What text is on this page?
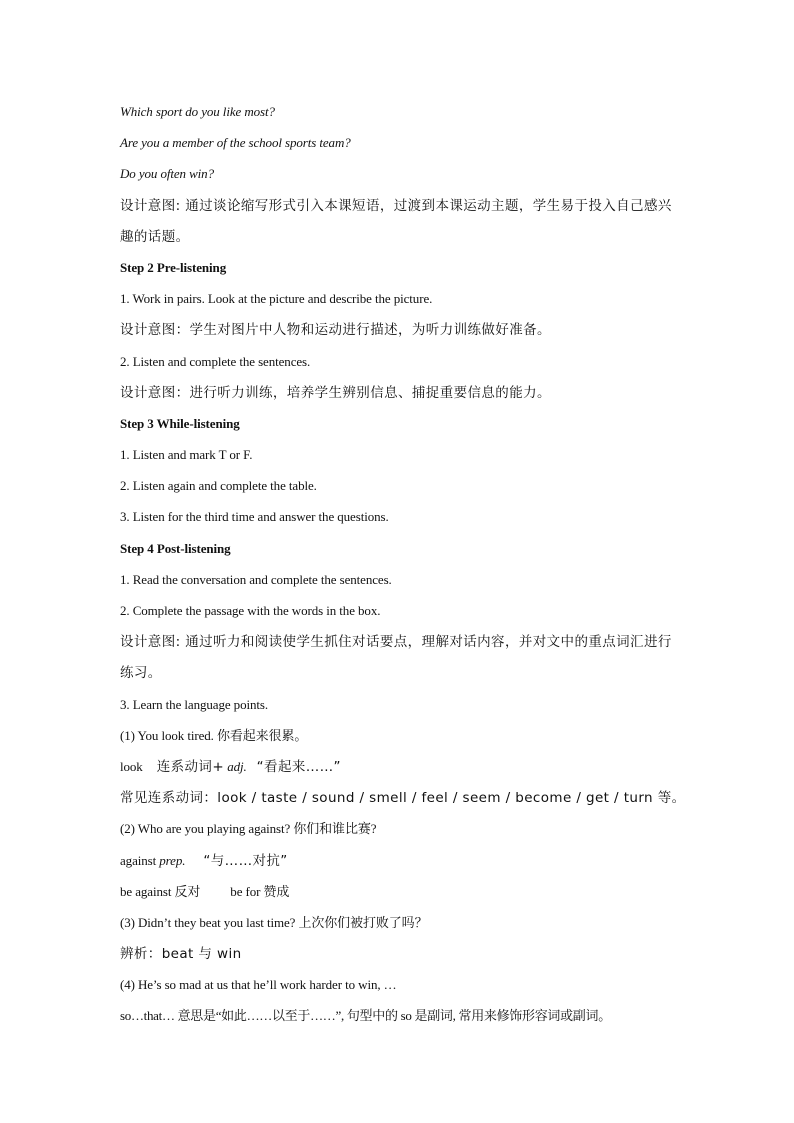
Which sport do you like most?
Are you a member of the school sports team?
Do you often win?
设计意图: 通过谈论缩写形式引入本课短语，过渡到本课运动主题，学生易于投入自己感兴
趣的话题。
Step 2 Pre-listening
1. Work in pairs. Look at the picture and describe the picture.
设计意图：学生对图片中人物和运动进行描述，为听力训练做好准备。
2. Listen and complete the sentences.
设计意图：进行听力训练，培养学生辨别信息、捕捉重要信息的能力。
Step 3 While-listening
1. Listen and mark T or F.
2. Listen again and complete the table.
3. Listen for the third time and answer the questions.
Step 4 Post-listening
1. Read the conversation and complete the sentences.
2. Complete the passage with the words in the box.
设计意图: 通过听力和阅读使学生抓住对话要点，理解对话内容，并对文中的重点词汇进行
练习。
3. Learn the language points.
(1) You look tired. 你看起来很累。
look 连系动词+ adj. “看起来……”
常见连系动词：look / taste / sound / smell / feel / seem / become / get / turn 等。
(2) Who are you playing against? 你们和谁比赛?
against prep. “与……对抗”
be against 反对 be for 赞成
(3) Didn’t they beat you last time? 上次你们被打败了吗？
辨析：beat 与 win
(4) He’s so mad at us that he’ll work harder to win, …
so…that… 意思是“如此……以至于……”, 句型中的 so 是副词, 常用来修饰形容词或副词。
